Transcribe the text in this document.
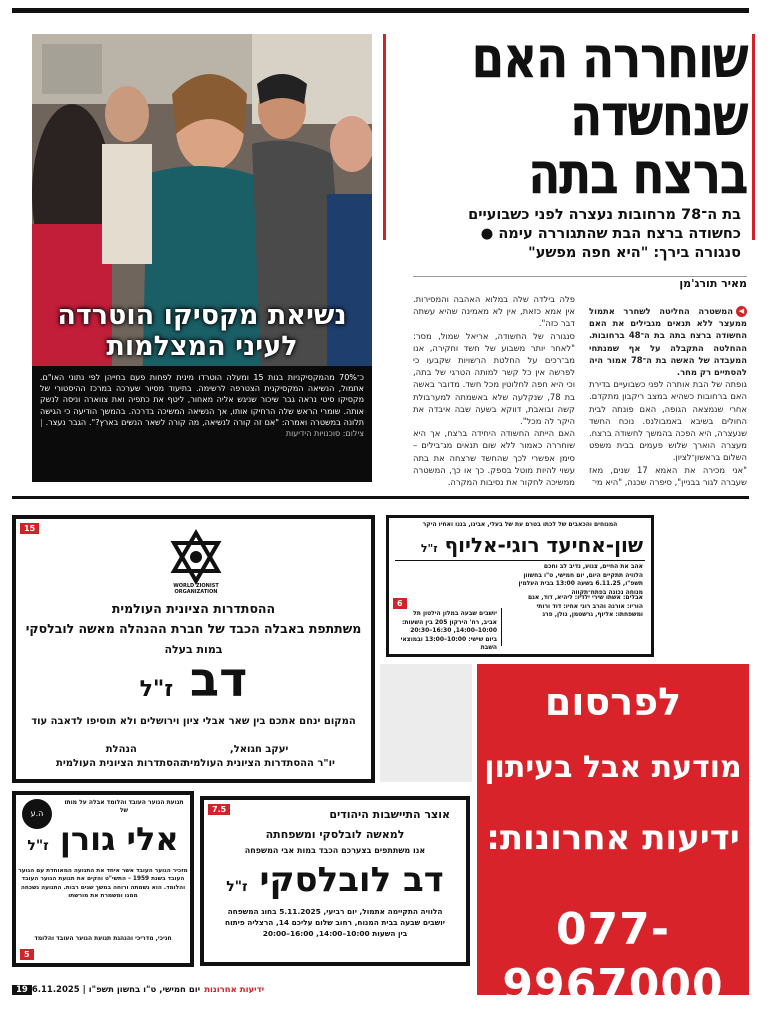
שוחררה האם
שנחשדה
ברצח בתה
בת ה־78 מרחובות נעצרה לפני כשבועיים
כחשודה ברצח הבת שהתגוררה עימה ●
סנגורה בירך: "היא חפה מפשע"
מאיר תורג'מן

◀המשטרה החליטה לשחרר אתמול ממעצר ללא תנאים מגבילים את האם החשודה ברצח בתה בת ה־48 ברחובות. ההחלטה התקבלה על אף שמנתחי המעבדה של האשה בת ה־78 אמור היה להסתיים רק מחר.

גופתה של הבת אותרה לפני כשבועיים בדירת האם ברחובות כשהיא במצב ריקבון מתקדם. אחרי שנמצאה הגופה, האם פונתה לבית החולים בשיבא באמבולנס. נוכח החשד שנעצרה, היא הפכה בהמשך לחשודה ברצח. מעצרה הוארך שלוש פעמים בבית משפט השלום בראשון־לציון.

"אני מכירה את האמא 17 שנים, מאז שעברה לגור בבניין", סיפרה שכנה, "היא מי־

פלה בילדה שלה במלוא האהבה והמסירות. אין אמא כזאת, אין לא מאמינה שהיא עשתה דבר כזה".

סנגורה של החשודה, אריאל שמול, מסר: "לאחר יותר משבוע של חשד וחקירה, אנו מב־רכים על החלטת הרשויות שקבעו כי לפרשה אין כל קשר למותה הטרגי של בתה, וכי היא חפה לחלוטין מכל חשד. מדובר באשה בת 78, שנקלעה שלא באשמתה למערבולת קשה ובואבת, דווקא בשעה שבה איבדה את היקר לה מכל".

האם הייתה החשודה היחידה ברצח, אך היא שוחררה כאמור ללא שום תנאים מג־בילים – סימן אפשרי לכך שהחשד שרצחה את בתה עשוי להיות מוטל בספק. כך או כך, המשטרה ממשיכה לחקור את נסיבות המקרה.

נשיאת מקסיקו הוטרדה
לעיני המצלמות
כ־70% מהמקסיקניות בנות 15 ומעלה הוטרדו מינית לפחות פעם בחייהן לפי נתוני האו"ם. אתמול, הנשיאה המקסיקנית הצטרפה לרשימה. בתיעוד מסיור שערכה במרכז ההיסטורי של מקסיקו סיטי נראה גבר שיכור שניגש אליה מאחור, ליטף את כתפיה ואת צווארה וניסה לנשק אותה. שומרי הראש שלה הרחיקו אותו, אך הנשיאה המשיכה בדרכה. בהמשך הודיעה כי הגישה תלונה במשטרה ואמרה: "אם זה קורה לנשיאה, מה קורה לשאר הנשים בארץ?". הגבר נעצר. | צילום: סוכנויות הידיעות
15
WORLD ZIONIST ORGANIZATION
ההסתדרות הציונית העולמית
משתתפת באבלה הכבד של חברת ההנהלה מאשה לובלסקי
במות בעלה
דב ז"ל
המקום ינחם אתכם בין שאר אבלי ציון וירושלים ולא תוסיפו לדאבה עוד
יעקב חגואל,
יו"ר ההסתדרות הציונית העולמית
הנהלת
ההסתדרות הציונית העולמית
המנוחים והכאבים של לכתו בטרם עת של בעלי, אבינו, בננו ואחיו היקר
שון-אחיעד רוגי-אליוף ז"ל
אהב את החיים, צנוע, נדיב לב וחכם
הלוויה תתקיים היום, יום חמישי, ט"ו בחשוון תשפ"ו, 6.11.25 בשעה 13:00 בבית העלמין מנוחה נכונה בפתח־תקווה
אבלים: אשתו שירי ילדיו: ליהיא, דוד, אגם הוריו: אורנה והרב רוני אחיו: דוד ורותי ומשפחתו: אליוף, גרשטמן, גולן, פרג
יושבים שבעה במלון הילטון תל אביב, רח' הירקון 205 בין השעות: 10:00–14:00, 16:30–20:30 ביום שישי: 10:00–13:00 ובמוצאי השבת
6
לפרסום
מודעת אבל בעיתון
ידיעות אחרונות:
077-9967000
ה.ע
תנועת הנוער העובד והלומד אבלה על מותו של
אלי גורן ז"ל
מזכיר הנוער העובד אשר איחד את התנועה המאוחדת עם הנוער העובד בשנת 1959 – התשי"ט והקים את תנועת הנוער העובד והלומד. הוא נשמתה ורוחה במשך שנים רבות. התנועה נשכחה ממנו ומשמרת את מורשתו
חניכי, מדריכי והנהגת תנועת הנוער העובד והלומד
5
7.5	אוצר התיישבות היהודים
למאשה לובלסקי ומשפחתה
אנו משתתפים בצערכם הכבד במות אבי המשפחה
דב לובלסקי ז"ל
הלוויה התקיימה אתמול, יום רביעי, 5.11.2025 בחוג המשפחה
יושבים שבעה בבית המנוח, רחוב שלום עליכם 14, הרצליה פיתוח
בין השעות 10:00–14:00, 16:00–20:00
19	ידיעות אחרונותיום חמישי, ט"ו בחשון תשפ"ו | 6.11.2025
